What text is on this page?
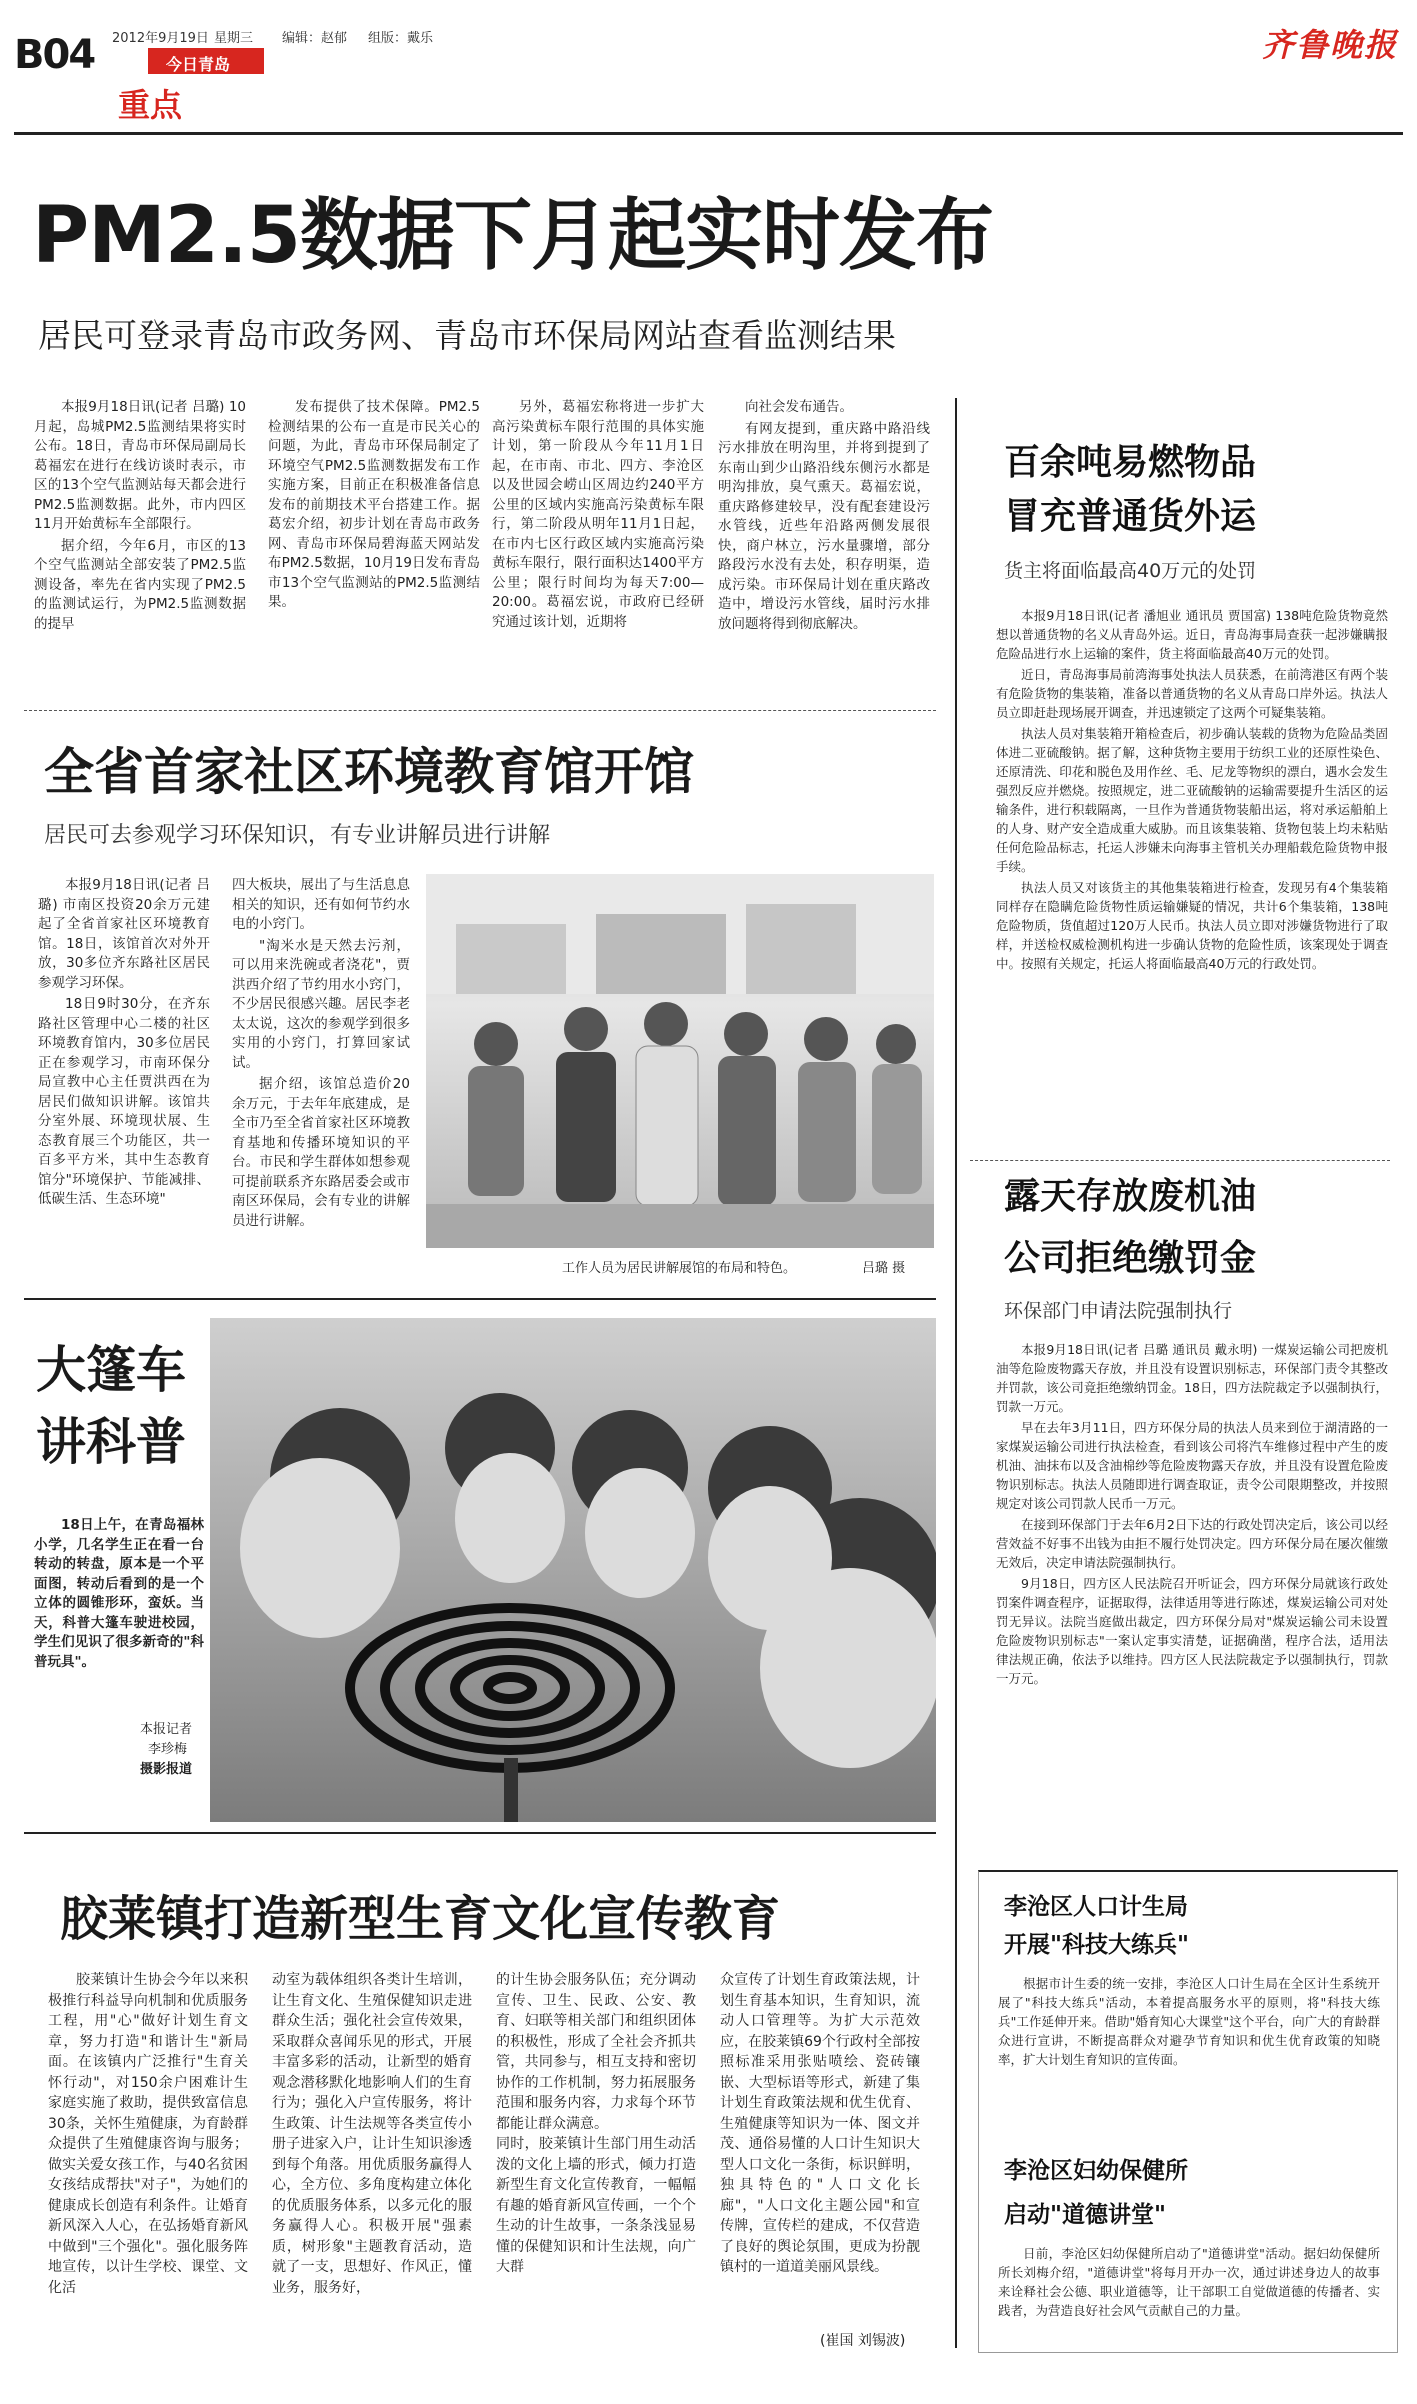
B04 2012年9月19日 星期三 编辑：赵郁 组版：戴乐
今日青岛
重点
齐鲁晚报
PM2.5数据下月起实时发布
居民可登录青岛市政务网、青岛市环保局网站查看监测结果

本报9月18日讯(记者 吕璐) 10月起，岛城PM2.5监测结果将实时公布。18日，青岛市环保局副局长葛福宏在进行在线访谈时表示，市区的13个空气监测站每天都会进行PM2.5监测数据。此外，市内四区11月开始黄标车全部限行。

据介绍，今年6月，市区的13个空气监测站全部安装了PM2.5监测设备，率先在省内实现了PM2.5的监测试运行，为PM2.5监测数据的提早

发布提供了技术保障。PM2.5检测结果的公布一直是市民关心的问题，为此，青岛市环保局制定了环境空气PM2.5监测数据发布工作实施方案，目前正在积极准备信息发布的前期技术平台搭建工作。据葛宏介绍，初步计划在青岛市政务网、青岛市环保局碧海蓝天网站发布PM2.5数据，10月19日发布青岛市13个空气监测站的PM2.5监测结果。

另外，葛福宏称将进一步扩大高污染黄标车限行范围的具体实施计划，第一阶段从今年11月1日起，在市南、市北、四方、李沧区以及世园会崂山区周边约240平方公里的区域内实施高污染黄标车限行，第二阶段从明年11月1日起，在市内七区行政区域内实施高污染黄标车限行，限行面积达1400平方公里；限行时间均为每天7:00—20:00。葛福宏说，市政府已经研究通过该计划，近期将

向社会发布通告。

有网友提到，重庆路中路沿线污水排放在明沟里，并将到提到了东南山到少山路沿线东侧污水都是明沟排放，臭气熏天。葛福宏说，重庆路修建较早，没有配套建设污水管线，近些年沿路两侧发展很快，商户林立，污水量骤增，部分路段污水没有去处，积存明渠，造成污染。市环保局计划在重庆路改造中，增设污水管线，届时污水排放问题将得到彻底解决。

百余吨易燃物品
冒充普通货外运
货主将面临最高40万元的处罚

本报9月18日讯(记者 潘旭业 通讯员 贾国富) 138吨危险货物竟然想以普通货物的名义从青岛外运。近日，青岛海事局查获一起涉嫌瞒报危险品进行水上运输的案件，货主将面临最高40万元的处罚。

近日，青岛海事局前湾海事处执法人员获悉，在前湾港区有两个装有危险货物的集装箱，准备以普通货物的名义从青岛口岸外运。执法人员立即赶赴现场展开调查，并迅速锁定了这两个可疑集装箱。

执法人员对集装箱开箱检查后，初步确认装载的货物为危险品类固体进二亚硫酸钠。据了解，这种货物主要用于纺织工业的还原性染色、还原清洗、印花和脱色及用作丝、毛、尼龙等物织的漂白，遇水会发生强烈反应并燃烧。按照规定，进二亚硫酸钠的运输需要提升生活区的运输条件，进行积载隔离，一旦作为普通货物装船出运，将对承运船舶上的人身、财产安全造成重大威胁。而且该集装箱、货物包装上均未粘贴任何危险品标志，托运人涉嫌未向海事主管机关办理船载危险货物申报手续。

执法人员又对该货主的其他集装箱进行检查，发现另有4个集装箱同样存在隐瞒危险货物性质运输嫌疑的情况，共计6个集装箱，138吨危险物质，货值超过120万人民币。执法人员立即对涉嫌货物进行了取样，并送检权威检测机构进一步确认货物的危险性质，该案现处于调查中。按照有关规定，托运人将面临最高40万元的行政处罚。

露天存放废机油
公司拒绝缴罚金
环保部门申请法院强制执行

本报9月18日讯(记者 吕璐 通讯员 戴永明) 一煤炭运输公司把废机油等危险废物露天存放，并且没有设置识别标志，环保部门责令其整改并罚款，该公司竟拒绝缴纳罚金。18日，四方法院裁定予以强制执行，罚款一万元。

早在去年3月11日，四方环保分局的执法人员来到位于湖清路的一家煤炭运输公司进行执法检查，看到该公司将汽车维修过程中产生的废机油、油抹布以及含油棉纱等危险废物露天存放，并且没有设置危险废物识别标志。执法人员随即进行调查取证，责令公司限期整改，并按照规定对该公司罚款人民币一万元。

在接到环保部门于去年6月2日下达的行政处罚决定后，该公司以经营效益不好事不出钱为由拒不履行处罚决定。四方环保分局在屡次催缴无效后，决定申请法院强制执行。

9月18日，四方区人民法院召开听证会，四方环保分局就该行政处罚案件调查程序，证据取得，法律适用等进行陈述，煤炭运输公司对处罚无异议。法院当庭做出裁定，四方环保分局对"煤炭运输公司未设置危险废物识别标志"一案认定事实清楚，证据确凿，程序合法，适用法律法规正确，依法予以维持。四方区人民法院裁定予以强制执行，罚款一万元。

李沧区人口计生局
开展"科技大练兵"

根据市计生委的统一安排，李沧区人口计生局在全区计生系统开展了"科技大练兵"活动，本着提高服务水平的原则，将"科技大练兵"工作延伸开来。借助"婚育知心大课堂"这个平台，向广大的育龄群众进行宣讲，不断提高群众对避孕节育知识和优生优育政策的知晓率，扩大计划生育知识的宣传面。

李沧区妇幼保健所
启动"道德讲堂"

日前，李沧区妇幼保健所启动了"道德讲堂"活动。据妇幼保健所所长刘梅介绍，"道德讲堂"将每月开办一次，通过讲述身边人的故事来诠释社会公德、职业道德等，让干部职工自觉做道德的传播者、实践者，为营造良好社会风气贡献自己的力量。

全省首家社区环境教育馆开馆
居民可去参观学习环保知识，有专业讲解员进行讲解

本报9月18日讯(记者 吕璐) 市南区投资20余万元建起了全省首家社区环境教育馆。18日，该馆首次对外开放，30多位齐东路社区居民参观学习环保。

18日9时30分，在齐东路社区管理中心二楼的社区环境教育馆内，30多位居民正在参观学习，市南环保分局宣教中心主任贾洪西在为居民们做知识讲解。该馆共分室外展、环境现状展、生态教育展三个功能区，共一百多平方米，其中生态教育馆分"环境保护、节能减排、低碳生活、生态环境"

四大板块，展出了与生活息息相关的知识，还有如何节约水电的小窍门。

"淘米水是天然去污剂，可以用来洗碗或者浇花"，贾洪西介绍了节约用水小窍门，不少居民很感兴趣。居民李老太太说，这次的参观学到很多实用的小窍门，打算回家试试。

据介绍，该馆总造价20余万元，于去年年底建成，是全市乃至全省首家社区环境教育基地和传播环境知识的平台。市民和学生群体如想参观可提前联系齐东路居委会或市南区环保局，会有专业的讲解员进行讲解。

工作人员为居民讲解展馆的布局和特色。	吕璐 摄
大篷车
讲科普

18日上午，在青岛福林小学，几名学生正在看一台转动的转盘，原本是一个平面图，转动后看到的是一个立体的圆锥形环，蛮妖。当天，科普大篷车驶进校园，学生们见识了很多新奇的"科普玩具"。

本报记者
李珍梅
摄影报道
胶莱镇打造新型生育文化宣传教育

胶莱镇计生协会今年以来积极推行科益导向机制和优质服务工程，用"心"做好计划生育文章，努力打造"和谐计生"新局面。在该镇内广泛推行"生育关怀行动"，对150余户困难计生家庭实施了救助，提供致富信息30条，关怀生殖健康，为育龄群众提供了生殖健康咨询与服务；做实关爱女孩工作，与40名贫困女孩结成帮扶"对子"，为她们的健康成长创造有利条件。让婚育新风深入人心，在弘扬婚育新风中做到"三个强化"。强化服务阵地宣传，以计生学校、课堂、文化活

动室为载体组织各类计生培训，让生育文化、生殖保健知识走进群众生活；强化社会宣传效果，采取群众喜闻乐见的形式，开展丰富多彩的活动，让新型的婚育观念潜移默化地影响人们的生育行为；强化入户宣传服务，将计生政策、计生法规等各类宣传小册子进家入户，让计生知识渗透到每个角落。用优质服务赢得人心，全方位、多角度构建立体化的优质服务体系，以多元化的服务赢得人心。积极开展"强素质，树形象"主题教育活动，造就了一支，思想好、作风正，懂业务，服务好，

的计生协会服务队伍；充分调动宣传、卫生、民政、公安、教育、妇联等相关部门和组织团体的积极性，形成了全社会齐抓共管，共同参与，相互支持和密切协作的工作机制，努力拓展服务范围和服务内容，力求每个环节都能让群众满意。
同时，胶莱镇计生部门用生动活泼的文化上墙的形式，倾力打造新型生育文化宣传教育，一幅幅有趣的婚育新风宣传画，一个个生动的计生故事，一条条浅显易懂的保健知识和计生法规，向广大群

众宣传了计划生育政策法规，计划生育基本知识，生育知识，流动人口管理等。为扩大示范效应，在胶莱镇69个行政村全部按照标准采用张贴喷绘、瓷砖镶嵌、大型标语等形式，新建了集计划生育政策法规和优生优育、生殖健康等知识为一体、图文并茂、通俗易懂的人口计生知识大型人口文化一条街，标识鲜明，独具特色的"人口文化长廊"，"人口文化主题公园"和宣传牌，宣传栏的建成，不仅营造了良好的舆论氛围，更成为扮靓镇村的一道道美丽风景线。

(崔国 刘锡波)
